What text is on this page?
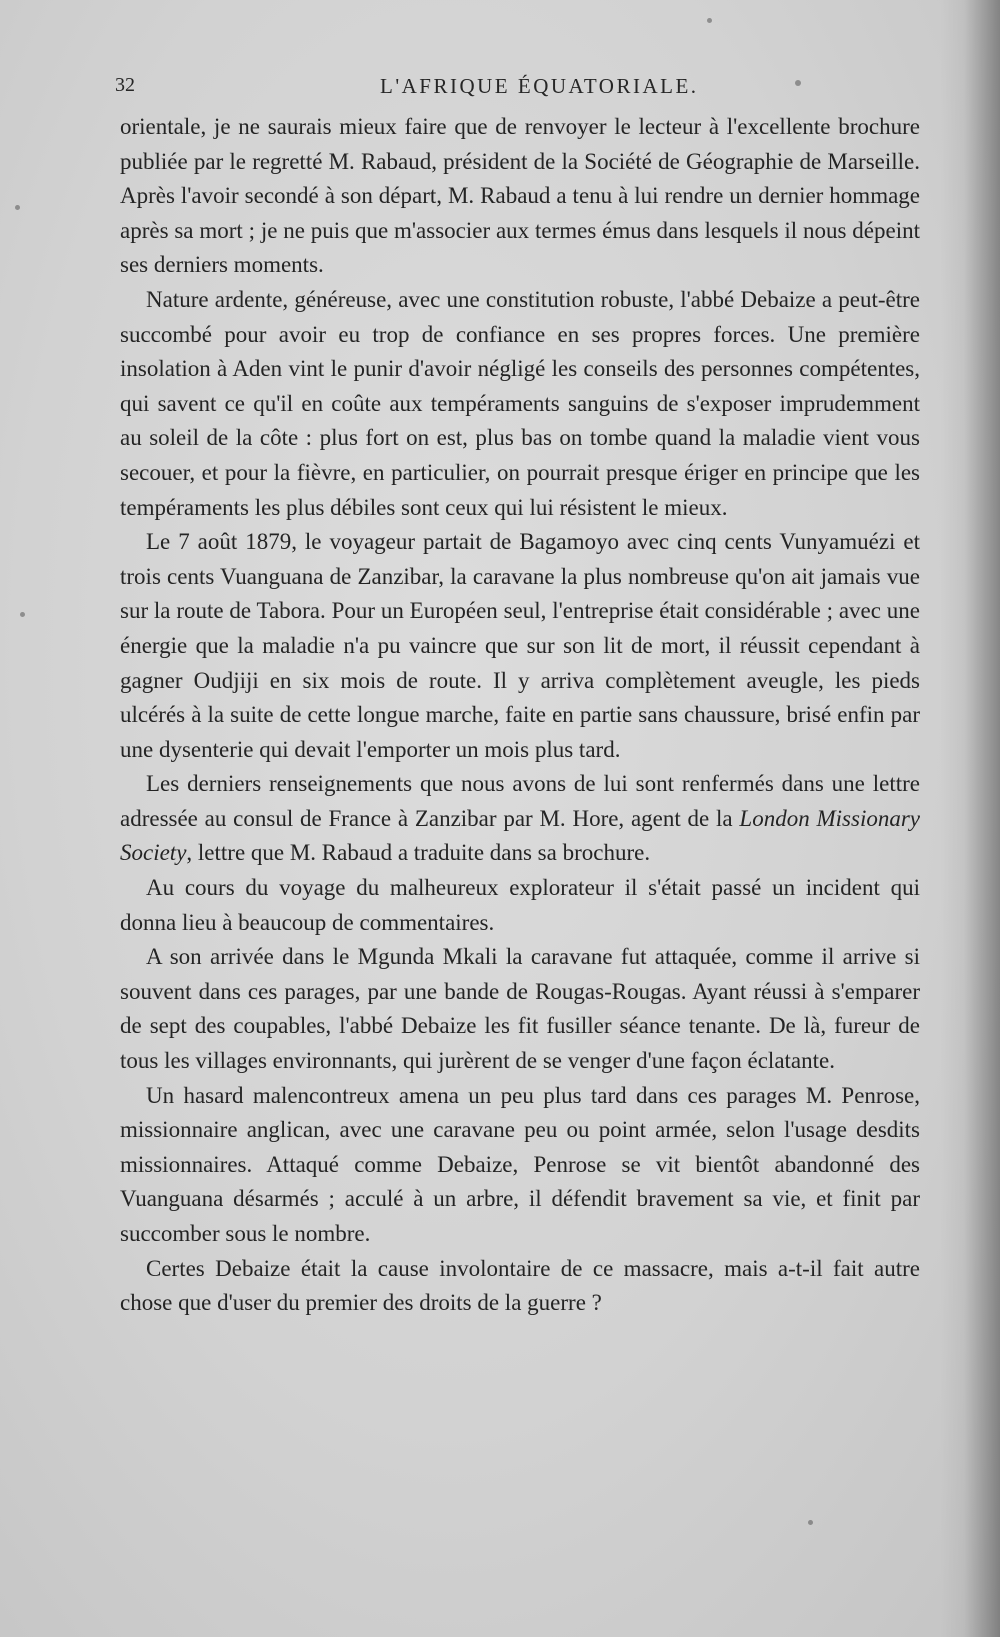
32	L'AFRIQUE ÉQUATORIALE.

orientale, je ne saurais mieux faire que de renvoyer le lecteur à l'excellente brochure publiée par le regretté M. Rabaud, président de la Société de Géographie de Marseille. Après l'avoir secondé à son départ, M. Rabaud a tenu à lui rendre un dernier hommage après sa mort ; je ne puis que m'associer aux termes émus dans lesquels il nous dépeint ses derniers moments.

Nature ardente, généreuse, avec une constitution robuste, l'abbé Debaize a peut-être succombé pour avoir eu trop de confiance en ses propres forces. Une première insolation à Aden vint le punir d'avoir négligé les conseils des personnes compétentes, qui savent ce qu'il en coûte aux tempéraments sanguins de s'exposer imprudemment au soleil de la côte : plus fort on est, plus bas on tombe quand la maladie vient vous secouer, et pour la fièvre, en particulier, on pourrait presque ériger en principe que les tempéraments les plus débiles sont ceux qui lui résistent le mieux.

Le 7 août 1879, le voyageur partait de Bagamoyo avec cinq cents Vunyamuézi et trois cents Vuanguana de Zanzibar, la caravane la plus nombreuse qu'on ait jamais vue sur la route de Tabora. Pour un Européen seul, l'entreprise était considérable ; avec une énergie que la maladie n'a pu vaincre que sur son lit de mort, il réussit cependant à gagner Oudjiji en six mois de route. Il y arriva complètement aveugle, les pieds ulcérés à la suite de cette longue marche, faite en partie sans chaussure, brisé enfin par une dysenterie qui devait l'emporter un mois plus tard.

Les derniers renseignements que nous avons de lui sont renfermés dans une lettre adressée au consul de France à Zanzibar par M. Hore, agent de la London Missionary Society, lettre que M. Rabaud a traduite dans sa brochure.

Au cours du voyage du malheureux explorateur il s'était passé un incident qui donna lieu à beaucoup de commentaires.

A son arrivée dans le Mgunda Mkali la caravane fut attaquée, comme il arrive si souvent dans ces parages, par une bande de Rougas-Rougas. Ayant réussi à s'emparer de sept des coupables, l'abbé Debaize les fit fusiller séance tenante. De là, fureur de tous les villages environnants, qui jurèrent de se venger d'une façon éclatante.

Un hasard malencontreux amena un peu plus tard dans ces parages M. Penrose, missionnaire anglican, avec une caravane peu ou point armée, selon l'usage desdits missionnaires. Attaqué comme Debaize, Penrose se vit bientôt abandonné des Vuanguana désarmés ; acculé à un arbre, il défendit bravement sa vie, et finit par succomber sous le nombre.

Certes Debaize était la cause involontaire de ce massacre, mais a-t-il fait autre chose que d'user du premier des droits de la guerre ?
